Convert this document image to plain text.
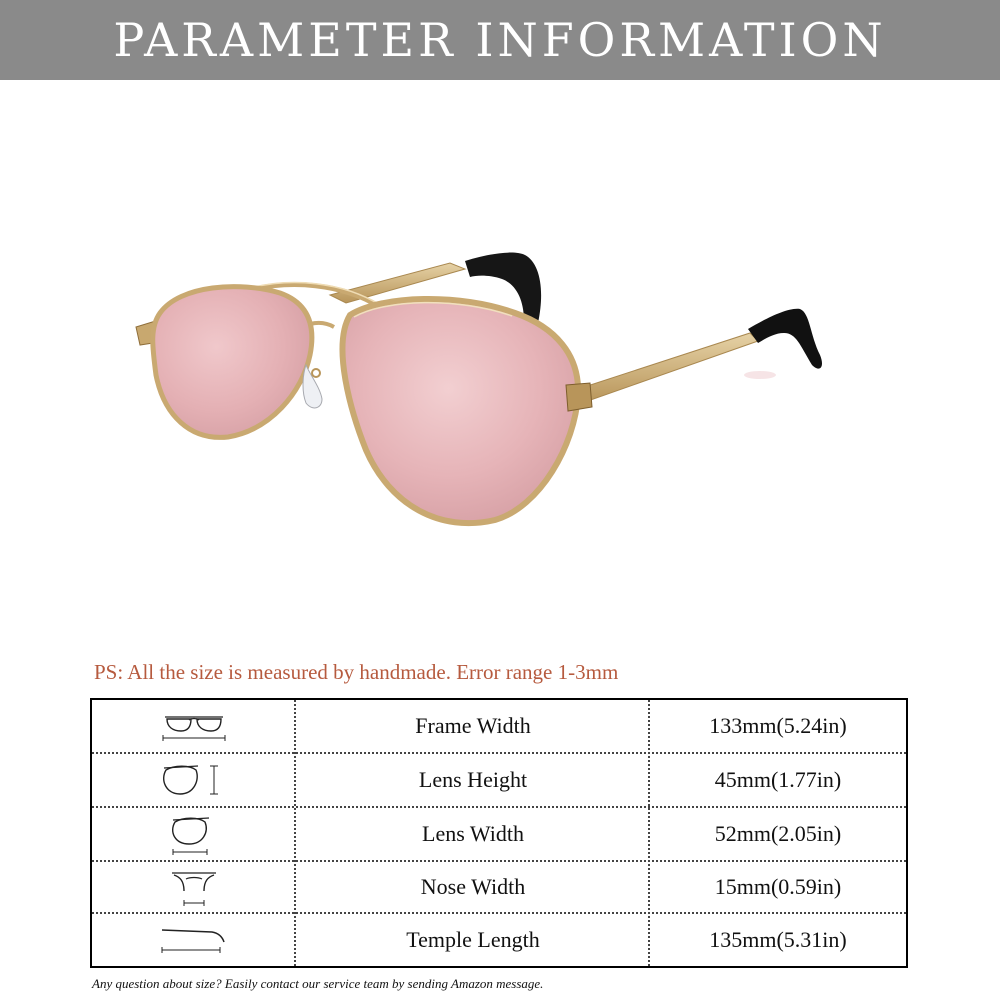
PARAMETER INFORMATION
PS: All the size is measured by handmade. Error range 1-3mm
Frame Width	133mm(5.24in)
Lens Height	45mm(1.77in)
Lens Width	52mm(2.05in)
Nose Width	15mm(0.59in)
Temple Length	135mm(5.31in)
Any question about size? Easily contact our service team by sending Amazon message.
